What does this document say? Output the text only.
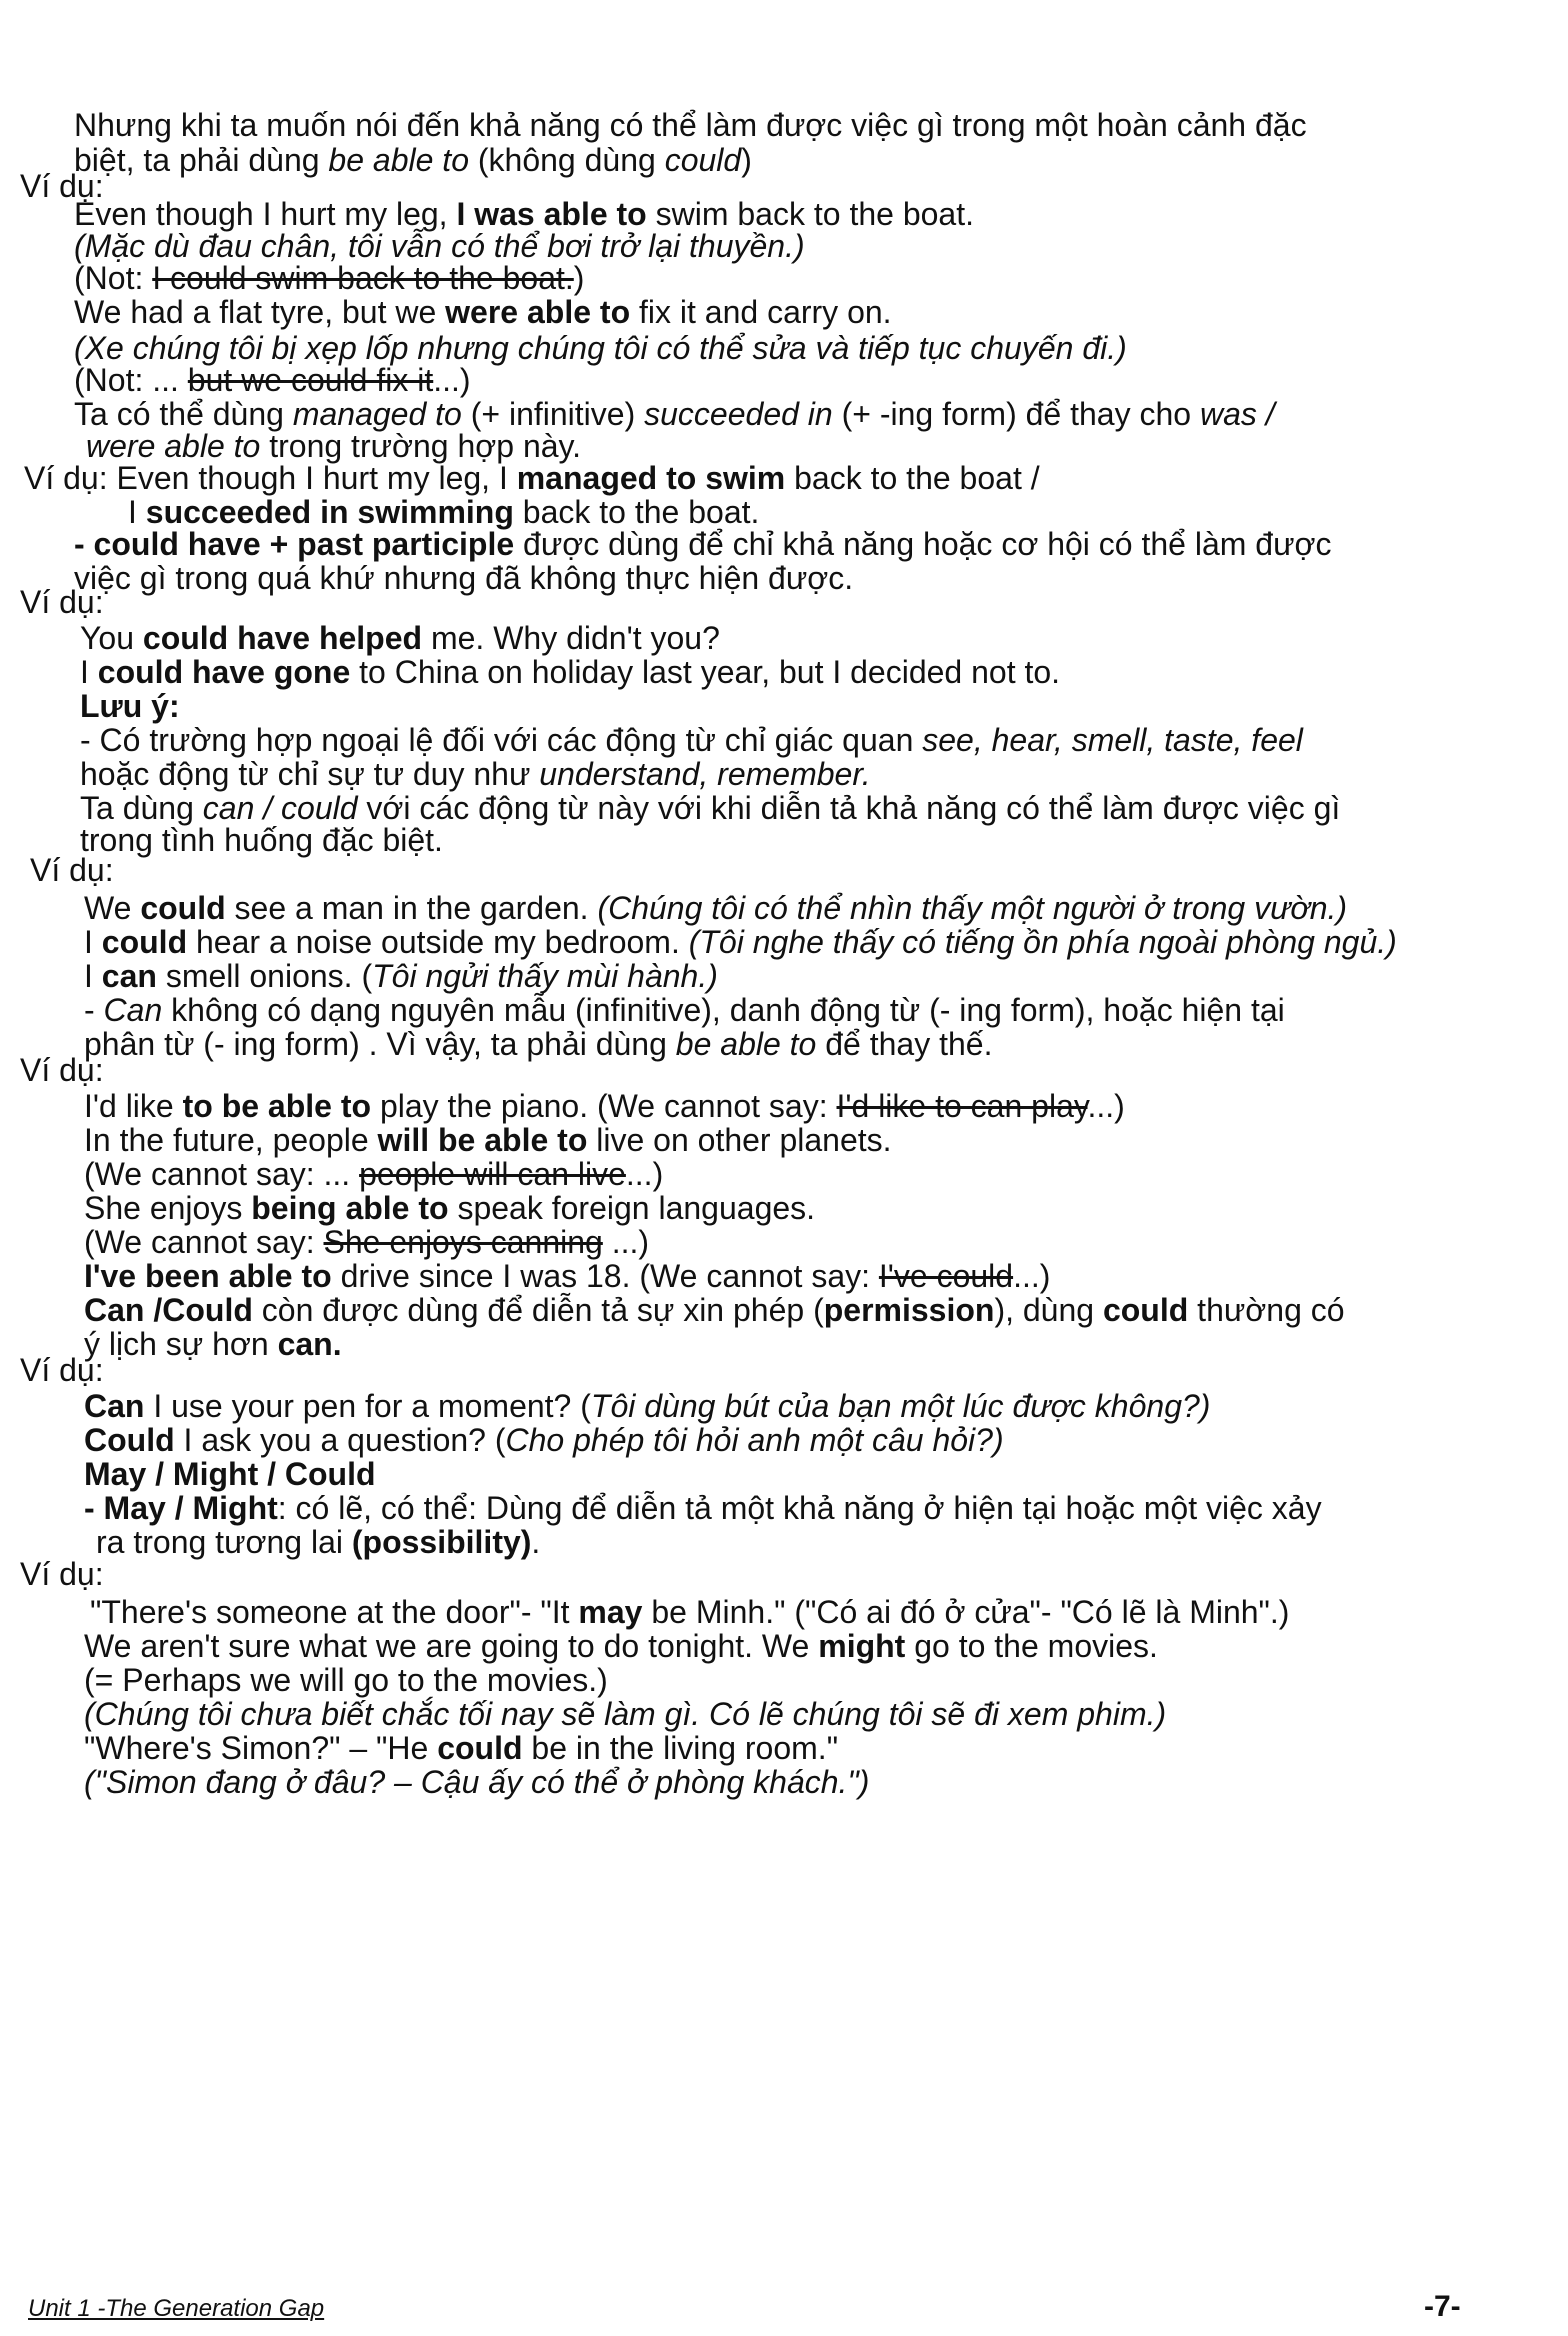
Nhưng khi ta muốn nói đến khả năng có thể làm được việc gì trong một hoàn cảnh đặc
biệt, ta phải dùng be able to (không dùng could)
Ví dụ:
Even though I hurt my leg, I was able to swim back to the boat.
(Mặc dù đau chân, tôi vẫn có thể bơi trở lại thuyền.)
(Not: I could swim back to the boat.)
We had a flat tyre, but we were able to fix it and carry on.
(Xe chúng tôi bị xẹp lốp nhưng chúng tôi có thể sửa và tiếp tục chuyến đi.)
(Not: ... but we could fix it...)
Ta có thể dùng managed to (+ infinitive) succeeded in (+ -ing form) để thay cho was /
were able to trong trường hợp này.
Ví dụ: Even though I hurt my leg, I managed to swim back to the boat /
I succeeded in swimming back to the boat.
- could have + past participle được dùng để chỉ khả năng hoặc cơ hội có thể làm được
việc gì trong quá khứ nhưng đã không thực hiện được.
Ví dụ:
You could have helped me. Why didn't you?
I could have gone to China on holiday last year, but I decided not to.
Lưu ý:
- Có trường hợp ngoại lệ đối với các động từ chỉ giác quan see, hear, smell, taste, feel
hoặc động từ chỉ sự tư duy như understand, remember.
Ta dùng can / could với các động từ này với khi diễn tả khả năng có thể làm được việc gì
trong tình huống đặc biệt.
Ví dụ:
We could see a man in the garden. (Chúng tôi có thể nhìn thấy một người ở trong vườn.)
I could hear a noise outside my bedroom. (Tôi nghe thấy có tiếng ồn phía ngoài phòng ngủ.)
I can smell onions. (Tôi ngửi thấy mùi hành.)
- Can không có dạng nguyên mẫu (infinitive), danh động từ (- ing form), hoặc hiện tại
phân từ (- ing form) . Vì vậy, ta phải dùng be able to để thay thế.
Ví dụ:
I'd like to be able to play the piano. (We cannot say: I'd like to can play...)
In the future, people will be able to live on other planets.
(We cannot say: ... people will can live...)
She enjoys being able to speak foreign languages.
(We cannot say: She enjoys canning ...)
I've been able to drive since I was 18. (We cannot say: I've could...)
Can /Could còn được dùng để diễn tả sự xin phép (permission), dùng could thường có
ý lịch sự hơn can.
Ví dụ:
Can I use your pen for a moment? (Tôi dùng bút của bạn một lúc được không?)
Could I ask you a question? (Cho phép tôi hỏi anh một câu hỏi?)
May / Might / Could
- May / Might: có lẽ, có thể: Dùng để diễn tả một khả năng ở hiện tại hoặc một việc xảy
ra trong tương lai (possibility).
Ví dụ:
"There's someone at the door"- "It may be Minh." ("Có ai đó ở cửa"- "Có lẽ là Minh".)
We aren't sure what we are going to do tonight. We might go to the movies.
(= Perhaps we will go to the movies.)
(Chúng tôi chưa biết chắc tối nay sẽ làm gì. Có lẽ chúng tôi sẽ đi xem phim.)
"Where's Simon?" – "He could be in the living room."
("Simon đang ở đâu? – Cậu ấy có thể ở phòng khách.")
Unit 1 -The Generation Gap	-7-
